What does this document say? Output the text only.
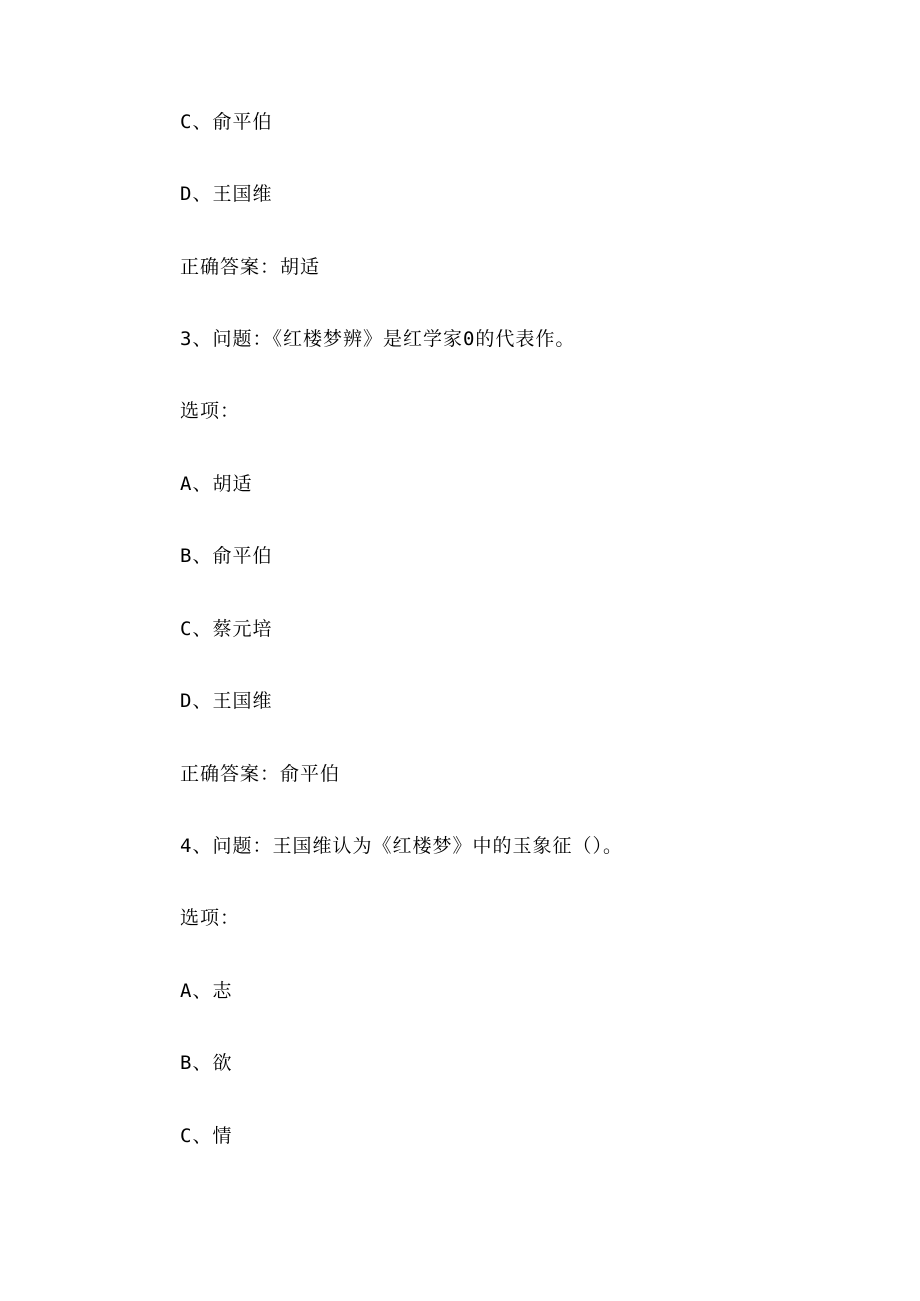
C、俞平伯
D、王国维
正确答案：胡适
3、问题：《红楼梦辨》是红学家0的代表作。
选项：
A、胡适
B、俞平伯
C、蔡元培
D、王国维
正确答案：俞平伯
4、问题：王国维认为《红楼梦》中的玉象征（）。
选项：
A、志
B、欲
C、情
